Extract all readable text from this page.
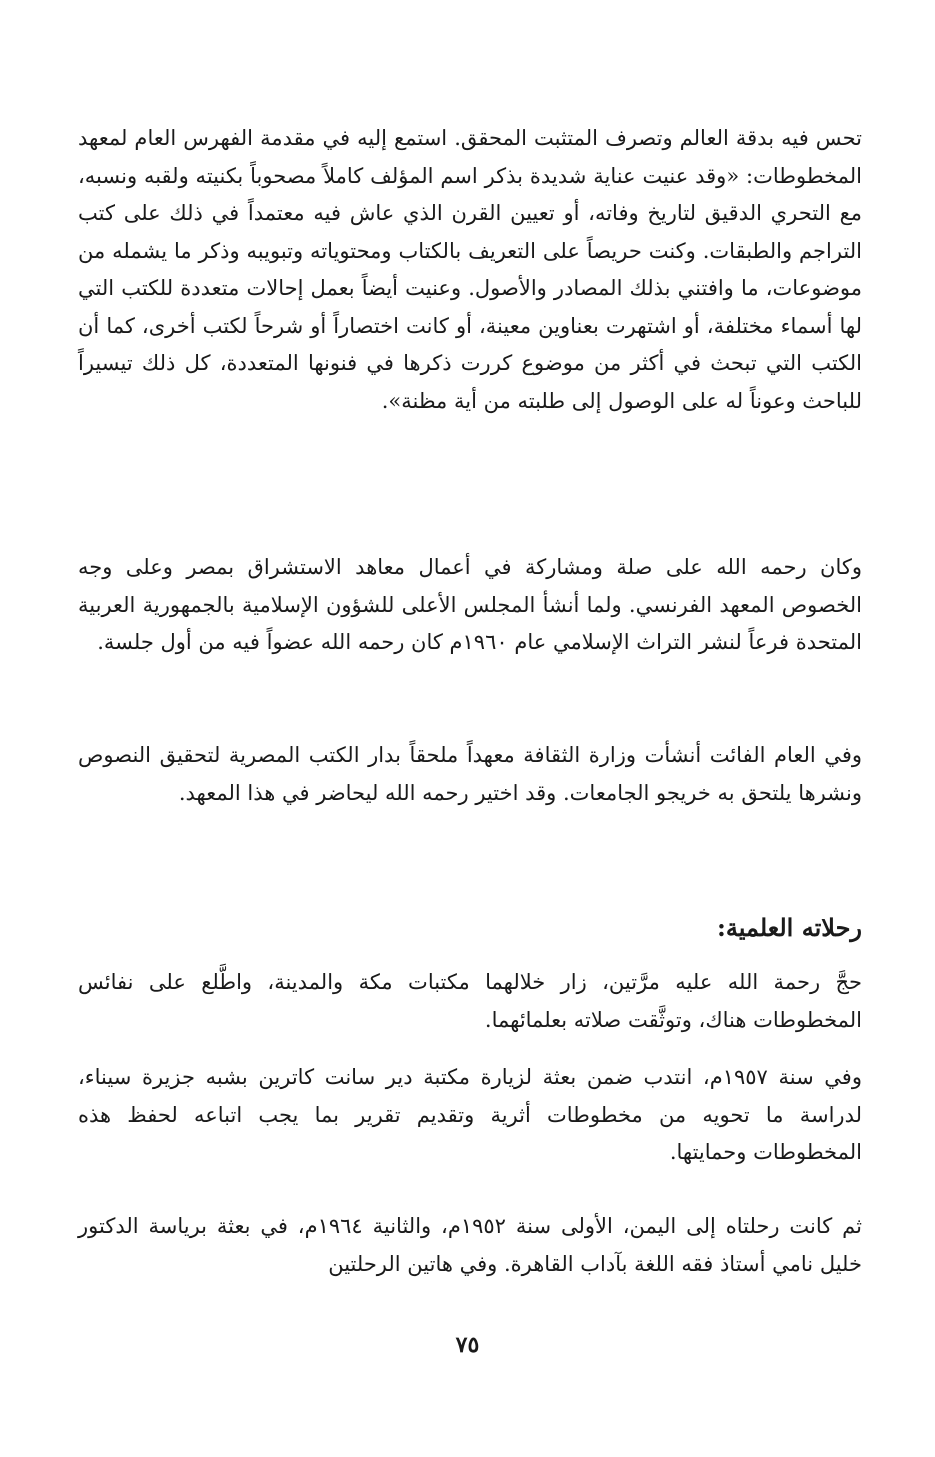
تحس فيه بدقة العالم وتصرف المتثبت المحقق. استمع إليه في مقدمة الفهرس العام لمعهد المخطوطات: «وقد عنيت عناية شديدة بذكر اسم المؤلف كاملاً مصحوباً بكنيته ولقبه ونسبه، مع التحري الدقيق لتاريخ وفاته، أو تعيين القرن الذي عاش فيه معتمداً في ذلك على كتب التراجم والطبقات. وكنت حريصاً على التعريف بالكتاب ومحتوياته وتبويبه وذكر ما يشمله من موضوعات، ما وافتني بذلك المصادر والأصول. وعنيت أيضاً بعمل إحالات متعددة للكتب التي لها أسماء مختلفة، أو اشتهرت بعناوين معينة، أو كانت اختصاراً أو شرحاً لكتب أخرى، كما أن الكتب التي تبحث في أكثر من موضوع كررت ذكرها في فنونها المتعددة، كل ذلك تيسيراً للباحث وعوناً له على الوصول إلى طلبته من أية مظنة».

وكان رحمه الله على صلة ومشاركة في أعمال معاهد الاستشراق بمصر وعلى وجه الخصوص المعهد الفرنسي. ولما أنشأ المجلس الأعلى للشؤون الإسلامية بالجمهورية العربية المتحدة فرعاً لنشر التراث الإسلامي عام ١٩٦٠م كان رحمه الله عضواً فيه من أول جلسة.

وفي العام الفائت أنشأت وزارة الثقافة معهداً ملحقاً بدار الكتب المصرية لتحقيق النصوص ونشرها يلتحق به خريجو الجامعات. وقد اختير رحمه الله ليحاضر في هذا المعهد.

رحلاته العلمية:

حجَّ رحمة الله عليه مرَّتين، زار خلالهما مكتبات مكة والمدينة، واطَّلع على نفائس المخطوطات هناك، وتوثَّقت صلاته بعلمائهما.

وفي سنة ١٩٥٧م، انتدب ضمن بعثة لزيارة مكتبة دير سانت كاترين بشبه جزيرة سيناء، لدراسة ما تحويه من مخطوطات أثرية وتقديم تقرير بما يجب اتباعه لحفظ هذه المخطوطات وحمايتها.

ثم كانت رحلتاه إلى اليمن، الأولى سنة ١٩٥٢م، والثانية ١٩٦٤م، في بعثة برياسة الدكتور خليل نامي أستاذ فقه اللغة بآداب القاهرة. وفي هاتين الرحلتين

٧٥
